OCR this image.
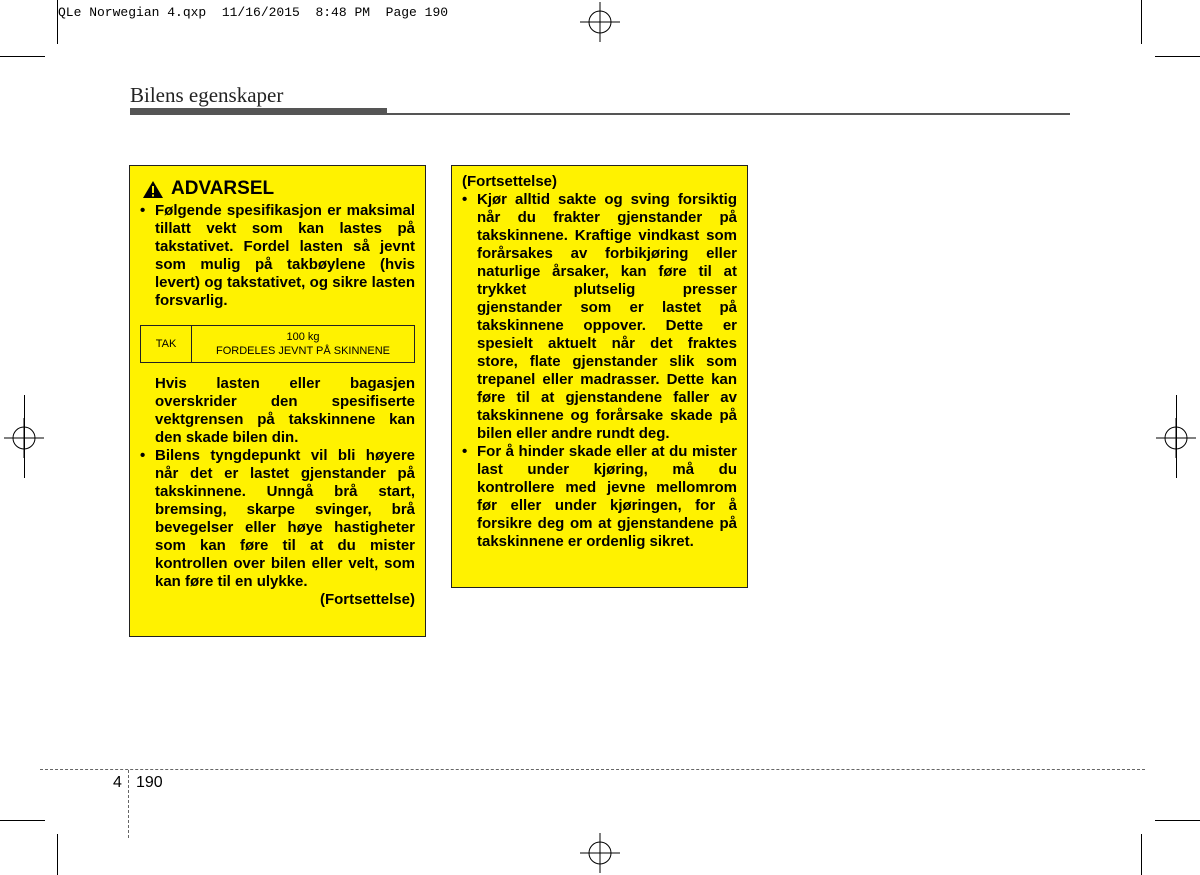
QLe Norwegian 4.qxp  11/16/2015  8:48 PM  Page 190
Bilens egenskaper
ADVARSEL
• Følgende spesifikasjon er maksimal tillatt vekt som kan lastes på takstativet. Fordel lasten så jevnt som mulig på takbøylene (hvis levert) og takstativet, og sikre lasten forsvarlig.
TAK
100 kg
FORDELES JEVNT PÅ SKINNENE
Hvis lasten eller bagasjen overskrider den spesifiserte vektgrensen på takskinnene kan den skade bilen din.
• Bilens tyngdepunkt vil bli høyere når det er lastet gjenstander på takskinnene. Unngå brå start, bremsing, skarpe svinger, brå bevegelser eller høye hastigheter som kan føre til at du mister kontrollen over bilen eller velt, som kan føre til en ulykke.
(Fortsettelse)
(Fortsettelse)
• Kjør alltid sakte og sving forsiktig når du frakter gjenstander på takskinnene. Kraftige vindkast som forårsakes av forbikjøring eller naturlige årsaker, kan føre til at trykket plutselig presser gjenstander som er lastet på takskinnene oppover. Dette er spesielt aktuelt når det fraktes store, flate gjenstander slik som trepanel eller madrasser. Dette kan føre til at gjenstandene faller av takskinnene og forårsake skade på bilen eller andre rundt deg.
• For å hinder skade eller at du mister last under kjøring, må du kontrollere med jevne mellomrom før eller under kjøringen, for å forsikre deg om at gjenstandene på takskinnene er ordenlig sikret.
4 190
